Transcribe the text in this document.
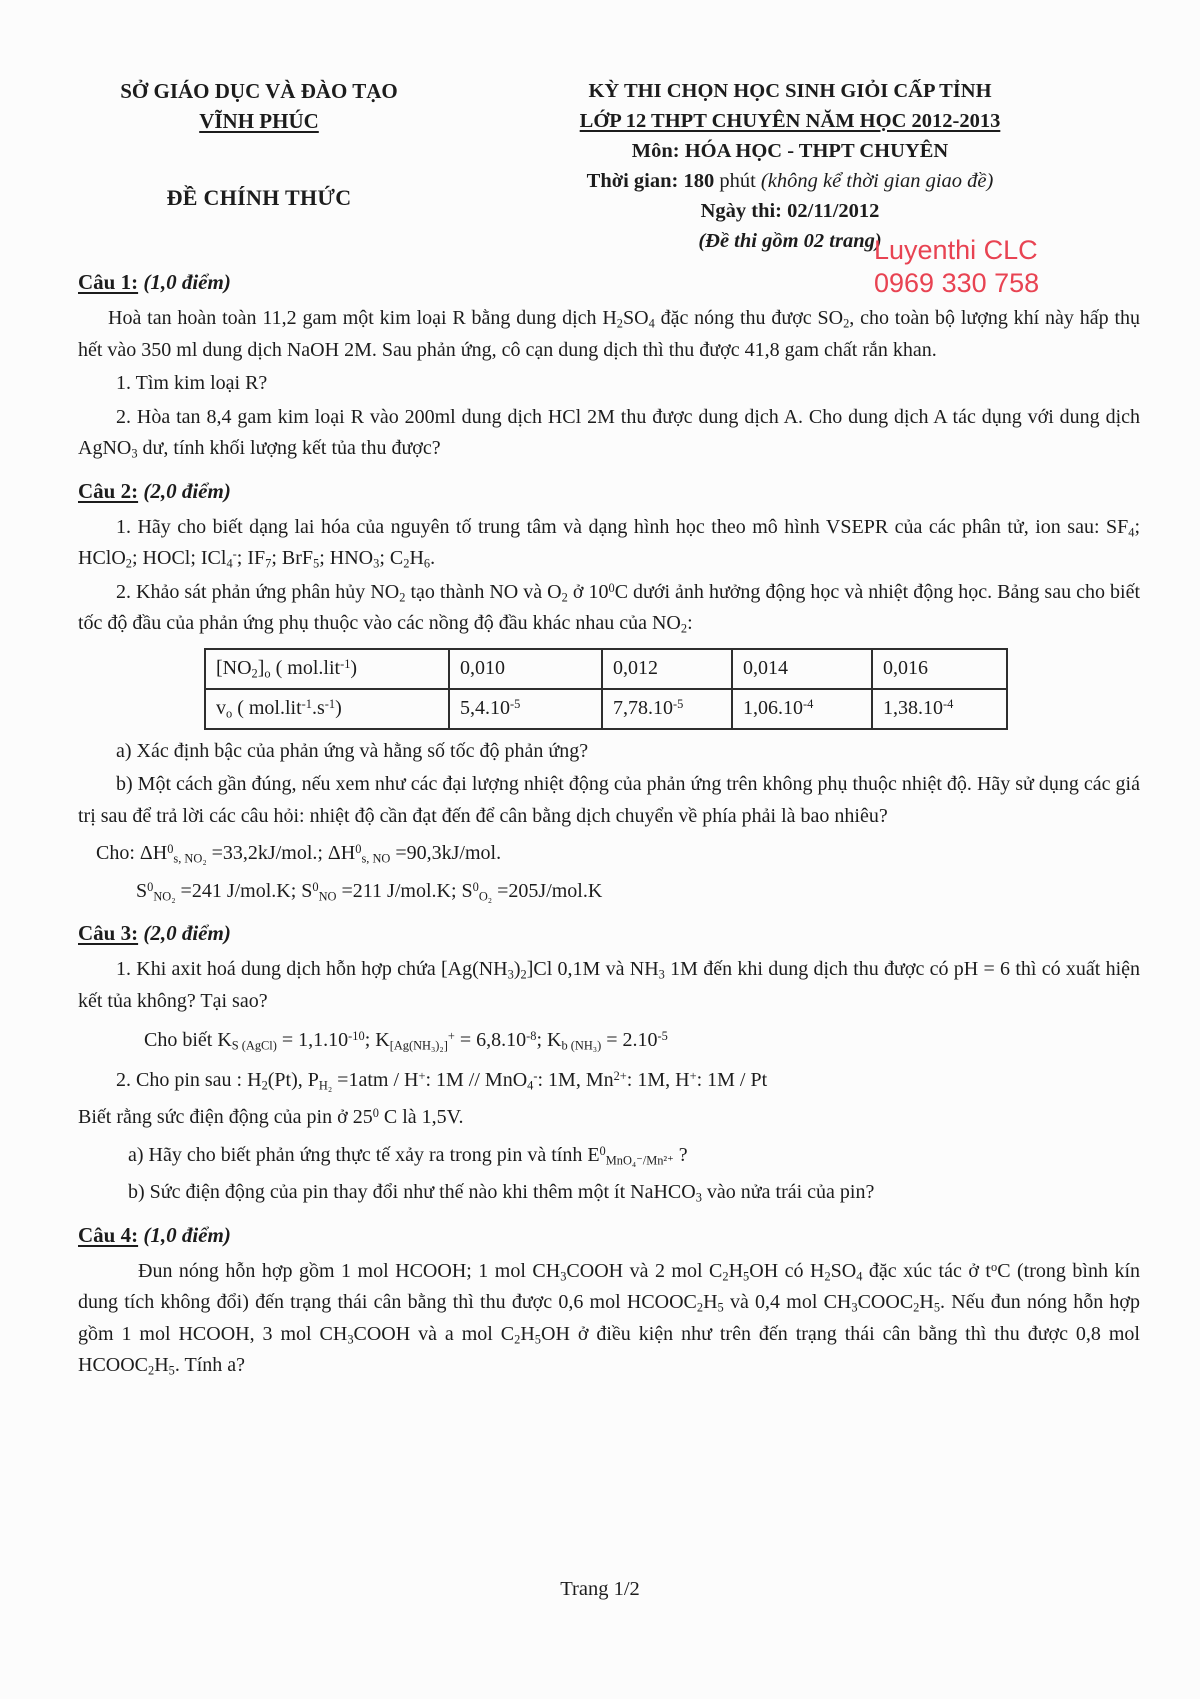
Luyenthi CLC
0969 330 758
SỞ GIÁO DỤC VÀ ĐÀO TẠO
VĨNH PHÚC
ĐỀ CHÍNH THỨC
KỲ THI CHỌN HỌC SINH GIỎI CẤP TỈNH
LỚP 12 THPT CHUYÊN NĂM HỌC 2012-2013
Môn: HÓA HỌC - THPT CHUYÊN
Thời gian: 180 phút (không kể thời gian giao đề)
Ngày thi: 02/11/2012
(Đề thi gồm 02 trang)
Câu 1: (1,0 điểm)

Hoà tan hoàn toàn 11,2 gam một kim loại R bằng dung dịch $H_2SO_4$ đặc nóng thu được $SO_2$, cho toàn bộ lượng khí này hấp thụ hết vào 350 ml dung dịch NaOH 2M. Sau phản ứng, cô cạn dung dịch thì thu được 41,8 gam chất rắn khan.

1. Tìm kim loại R?

2. Hòa tan 8,4 gam kim loại R vào 200ml dung dịch HCl 2M thu được dung dịch A. Cho dung dịch A tác dụng với dung dịch AgNO$_3$ dư, tính khối lượng kết tủa thu được?

Câu 2: (2,0 điểm)

1. Hãy cho biết dạng lai hóa của nguyên tố trung tâm và dạng hình học theo mô hình VSEPR của các phân tử, ion sau: $SF_4$; HClO$_2$; HOCl; ICl$_4$-; $IF_7$; BrF$_5$; $HNO_3$; $C_2H_6$.

2. Khảo sát phản ứng phân hủy $NO_2$ tạo thành NO và $O_2$ ở $10^0C$ dưới ảnh hưởng động học và nhiệt động học. Bảng sau cho biết tốc độ đầu của phản ứng phụ thuộc vào các nồng độ đầu khác nhau của $NO_2$:

$[NO_2]_o$ ( mol.lit$^{-1}$)	0,010	0,012	0,014	0,016
$v_o$ ( $mol.lit^{-1}.s^{-1}$)	$5,4.10^{-5}$	$7,78.10^{-5}$	$1,06.10^{-4}$	$1,38.10^{-4}$

a) Xác định bậc của phản ứng và hằng số tốc độ phản ứng?

b) Một cách gần đúng, nếu xem như các đại lượng nhiệt động của phản ứng trên không phụ thuộc nhiệt độ. Hãy sử dụng các giá trị sau để trả lời các câu hỏi: nhiệt độ cần đạt đến để cân bằng dịch chuyển về phía phải là bao nhiêu?

Cho: $\Delta H^0_{s, NO_2} =33,2kJ/mol$.; $\Delta H^0_{s, NO} =90,3kJ/mol$.

$S^0_{NO_2} =241$ J/mol.K; $S^0_{NO} =211$ J/mol.K; $S^0_{O_2} =205J/mol.K$

Câu 3: (2,0 điểm)

1. Khi axit hoá dung dịch hỗn hợp chứa $[Ag(NH_3)_2]Cl$ 0,1M và $NH_3$ 1M đến khi dung dịch thu được có pH = 6 thì có xuất hiện kết tủa không? Tại sao?

Cho biết $K_{S (AgCl)} = 1,1.10^{-10}$; $K_{[Ag(NH_3)_2]}^+ = 6,8.10^{-8}$; $K_{b (NH_3)} = 2.10^{-5}$

2. Cho pin sau : $H_2(Pt)$, $P_{H_2} =1atm / H^+$: 1M // MnO$_4$-: 1M, $Mn^{2+}$: 1M, H+: 1M / Pt

Biết rằng sức điện động của pin ở $25^0$ C là 1,5V.

a) Hãy cho biết phản ứng thực tế xảy ra trong pin và tính $E^0_{MnO_4^-/Mn^{2+}}$ ?

b) Sức điện động của pin thay đổi như thế nào khi thêm một ít NaHCO$_3$ vào nửa trái của pin?

Câu 4: (1,0 điểm)

Đun nóng hỗn hợp gồm 1 mol HCOOH; 1 mol $CH_3COOH$ và 2 mol $C_2H_5OH$ có $H_2SO_4$ đặc xúc tác ở $t^oC$ (trong bình kín dung tích không đổi) đến trạng thái cân bằng thì thu được 0,6 mol $HCOOC_2H_5$ và 0,4 mol $CH_3COOC_2H_5$. Nếu đun nóng hỗn hợp gồm 1 mol HCOOH, 3 mol $CH_3COOH$ và a mol $C_2H_5OH$ ở điều kiện như trên đến trạng thái cân bằng thì thu được 0,8 mol $HCOOC_2H_5$. Tính a?

Trang 1/2
